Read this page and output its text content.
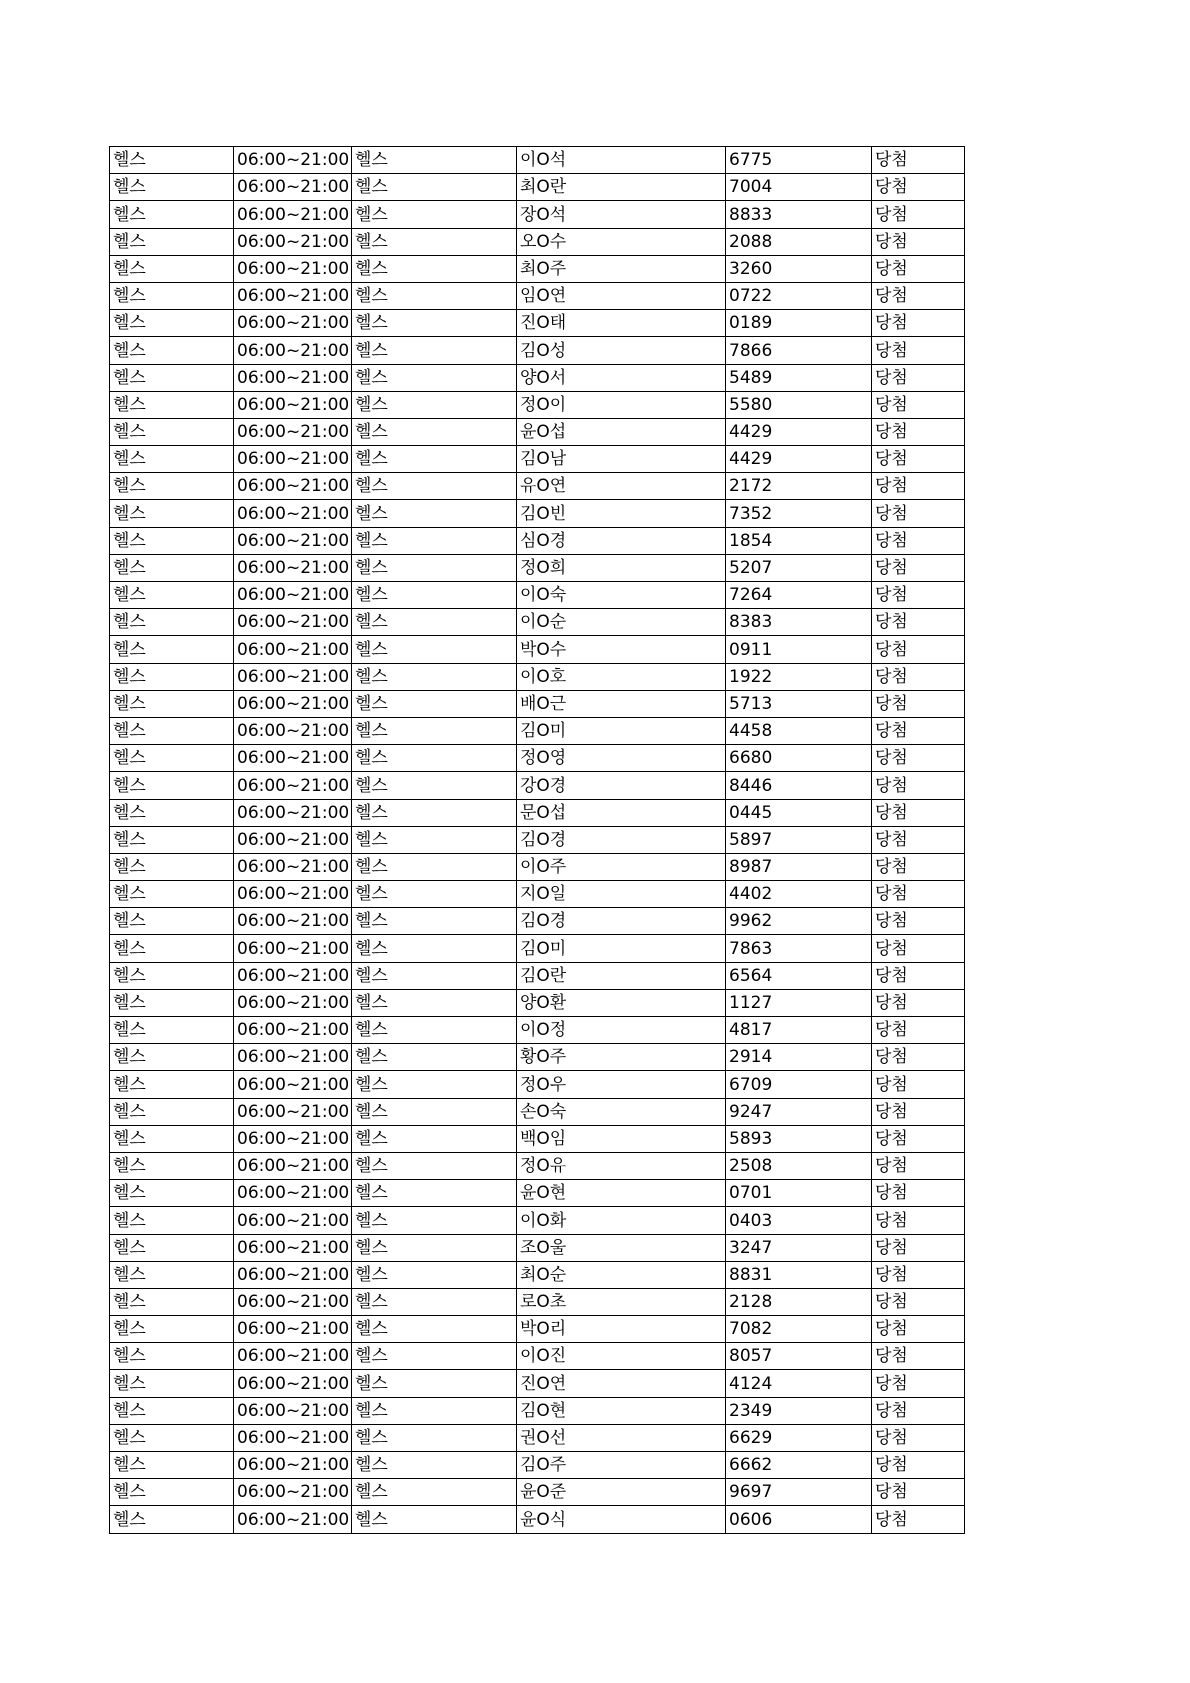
헬스	06:00~21:00	헬스	이O석	6775	당첨
헬스	06:00~21:00	헬스	최O란	7004	당첨
헬스	06:00~21:00	헬스	장O석	8833	당첨
헬스	06:00~21:00	헬스	오O수	2088	당첨
헬스	06:00~21:00	헬스	최O주	3260	당첨
헬스	06:00~21:00	헬스	임O연	0722	당첨
헬스	06:00~21:00	헬스	진O태	0189	당첨
헬스	06:00~21:00	헬스	김O성	7866	당첨
헬스	06:00~21:00	헬스	양O서	5489	당첨
헬스	06:00~21:00	헬스	정O이	5580	당첨
헬스	06:00~21:00	헬스	윤O섭	4429	당첨
헬스	06:00~21:00	헬스	김O남	4429	당첨
헬스	06:00~21:00	헬스	유O연	2172	당첨
헬스	06:00~21:00	헬스	김O빈	7352	당첨
헬스	06:00~21:00	헬스	심O경	1854	당첨
헬스	06:00~21:00	헬스	정O희	5207	당첨
헬스	06:00~21:00	헬스	이O숙	7264	당첨
헬스	06:00~21:00	헬스	이O순	8383	당첨
헬스	06:00~21:00	헬스	박O수	0911	당첨
헬스	06:00~21:00	헬스	이O호	1922	당첨
헬스	06:00~21:00	헬스	배O근	5713	당첨
헬스	06:00~21:00	헬스	김O미	4458	당첨
헬스	06:00~21:00	헬스	정O영	6680	당첨
헬스	06:00~21:00	헬스	강O경	8446	당첨
헬스	06:00~21:00	헬스	문O섭	0445	당첨
헬스	06:00~21:00	헬스	김O경	5897	당첨
헬스	06:00~21:00	헬스	이O주	8987	당첨
헬스	06:00~21:00	헬스	지O일	4402	당첨
헬스	06:00~21:00	헬스	김O경	9962	당첨
헬스	06:00~21:00	헬스	김O미	7863	당첨
헬스	06:00~21:00	헬스	김O란	6564	당첨
헬스	06:00~21:00	헬스	양O환	1127	당첨
헬스	06:00~21:00	헬스	이O정	4817	당첨
헬스	06:00~21:00	헬스	황O주	2914	당첨
헬스	06:00~21:00	헬스	정O우	6709	당첨
헬스	06:00~21:00	헬스	손O숙	9247	당첨
헬스	06:00~21:00	헬스	백O임	5893	당첨
헬스	06:00~21:00	헬스	정O유	2508	당첨
헬스	06:00~21:00	헬스	윤O현	0701	당첨
헬스	06:00~21:00	헬스	이O화	0403	당첨
헬스	06:00~21:00	헬스	조O울	3247	당첨
헬스	06:00~21:00	헬스	최O순	8831	당첨
헬스	06:00~21:00	헬스	로O초	2128	당첨
헬스	06:00~21:00	헬스	박O리	7082	당첨
헬스	06:00~21:00	헬스	이O진	8057	당첨
헬스	06:00~21:00	헬스	진O연	4124	당첨
헬스	06:00~21:00	헬스	김O현	2349	당첨
헬스	06:00~21:00	헬스	권O선	6629	당첨
헬스	06:00~21:00	헬스	김O주	6662	당첨
헬스	06:00~21:00	헬스	윤O준	9697	당첨
헬스	06:00~21:00	헬스	윤O식	0606	당첨
